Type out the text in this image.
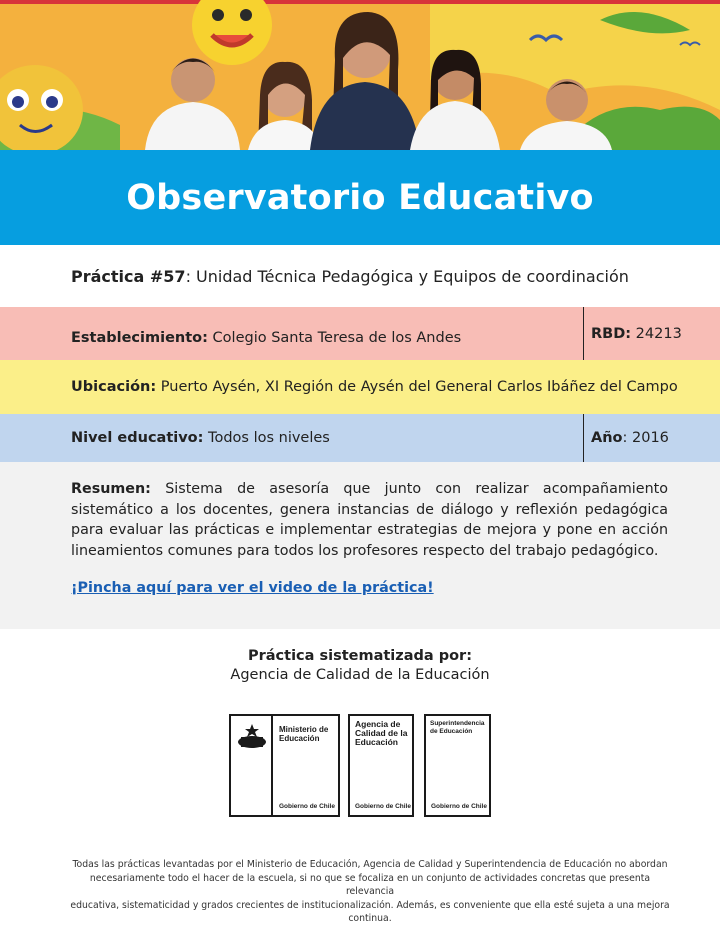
Observatorio Educativo
Práctica #57 : Unidad Técnica Pedagógica y Equipos de coordinación
Establecimiento: Colegio Santa Teresa de los Andes	RBD: 24213
Ubicación: Puerto Aysén, XI Región de Aysén del General Carlos Ibáñez del Campo
Nivel educativo: Todos los niveles	Año : 2016

Resumen: Sistema de asesoría que junto con realizar acompañamiento sistemático a los docentes, genera instancias de diálogo y reflexión pedagógica para evaluar las prácticas e implementar estrategias de mejora y pone en acción lineamientos comunes para todos los profesores respecto del trabajo pedagógico.

¡Pincha aquí para ver el video de la práctica!
Práctica sistematizada por:
Agencia de Calidad de la Educación
Ministerio de
Educación
Gobierno de Chile
Agencia de
Calidad de la
Educación
Gobierno de Chile
Superintendencia
de Educación
Gobierno de Chile
Todas las prácticas levantadas por el Ministerio de Educación, Agencia de Calidad y Superintendencia de Educación no abordan
necesariamente todo el hacer de la escuela, si no que se focaliza en un conjunto de actividades concretas que presenta relevancia
educativa, sistematicidad y grados crecientes de institucionalización. Además, es conveniente que ella esté sujeta a una mejora continua.
